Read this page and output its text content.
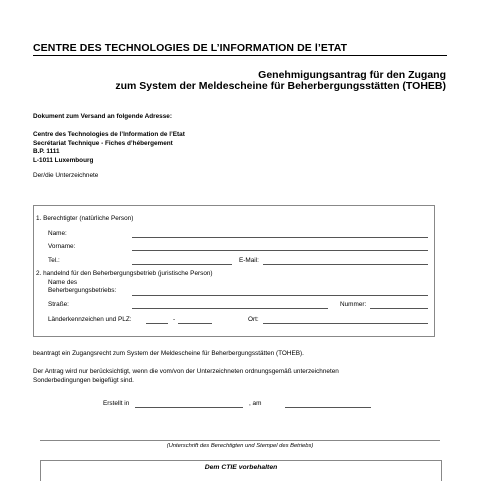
CENTRE DES TECHNOLOGIES DE L’INFORMATION DE l’ETAT
Genehmigungsantrag für den Zugang
zum System der Meldescheine für Beherbergungsstätten (TOHEB)
Dokument zum Versand an folgende Adresse:
Centre des Technologies de l’Information de l’Etat
Secrétariat Technique - Fiches d’hébergement
B.P. 1111
L-1011 Luxembourg
Der/die Unterzeichnete
1. Berechtigter (natürliche Person)
Name:
Vorname:
Tel.:	E-Mail:
2. handelnd für den Beherbergungsbetrieb (juristische Person)
Name des
Beherbergungsbetriebs:
Straße:	Nummer:
Länderkennzeichen und PLZ:	-	Ort:
beantragt ein Zugangsrecht zum System der Meldescheine für Beherbergungsstätten (TOHEB).
Der Antrag wird nur berücksichtigt, wenn die vom/von der Unterzeichneten ordnungsgemäß unterzeichneten
Sonderbedingungen beigefügt sind.
Erstellt in	, am
(Unterschrift des Berechtigten und Stempel des Betriebs)
Dem CTIE vorbehalten
